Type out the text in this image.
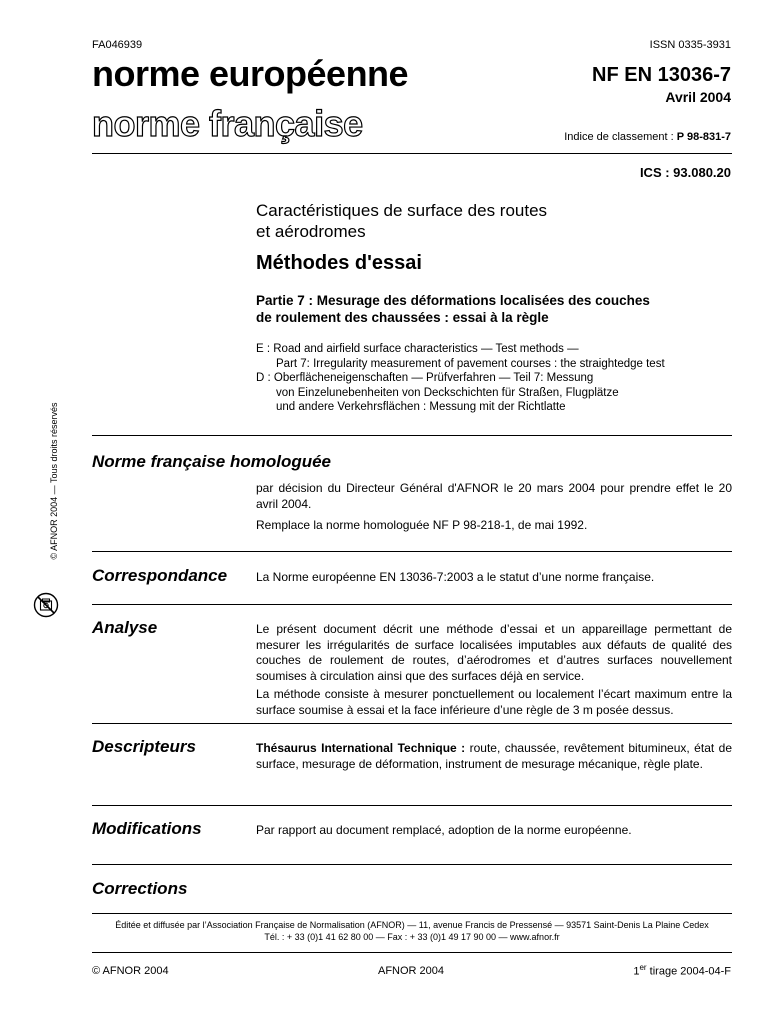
FA046939	ISSN 0335-3931
norme européenne
norme française
NF EN 13036-7
Avril 2004
Indice de classement : P 98-831-7
ICS : 93.080.20
Caractéristiques de surface des routes
et aérodromes
Méthodes d'essai
Partie 7 : Mesurage des déformations localisées des couches
de roulement des chaussées : essai à la règle
E : Road and airfield surface characteristics — Test methods —
Part 7: Irregularity measurement of pavement courses : the straightedge test
D : Oberflächeneigenschaften — Prüfverfahren — Teil 7: Messung
von Einzelunebenheiten von Deckschichten für Straßen, Flugplätze
und andere Verkehrsflächen : Messung mit der Richtlatte
© AFNOR 2004 — Tous droits réservés Norme française homologuée
par décision du Directeur Général d'AFNOR le 20 mars 2004 pour prendre effet le 20 avril 2004.
Remplace la norme homologuée NF P 98-218-1, de mai 1992.
Correspondance La Norme européenne EN 13036-7:2003 a le statut d’une norme française.
Analyse	Le présent document décrit une méthode d’essai et un appareillage permettant de mesurer les irrégularités de surface localisées imputables aux défauts de qualité des couches de roulement de routes, d’aérodromes et d’autres surfaces nouvellement soumises à circulation ainsi que des surfaces déjà en service.
La méthode consiste à mesurer ponctuellement ou localement l’écart maximum entre la surface soumise à essai et la face inférieure d’une règle de 3 m posée dessus.
Descripteurs	Thésaurus International Technique : route, chaussée, revêtement bitumineux, état de surface, mesurage de déformation, instrument de mesurage mécanique, règle plate.
Modifications	Par rapport au document remplacé, adoption de la norme européenne.
Corrections
Éditée et diffusée par l’Association Française de Normalisation (AFNOR) — 11, avenue Francis de Pressensé — 93571 Saint-Denis La Plaine Cedex
Tél. : + 33 (0)1 41 62 80 00 — Fax : + 33 (0)1 49 17 90 00 — www.afnor.fr
© AFNOR 2004	AFNOR 2004	1er tirage 2004-04-F
